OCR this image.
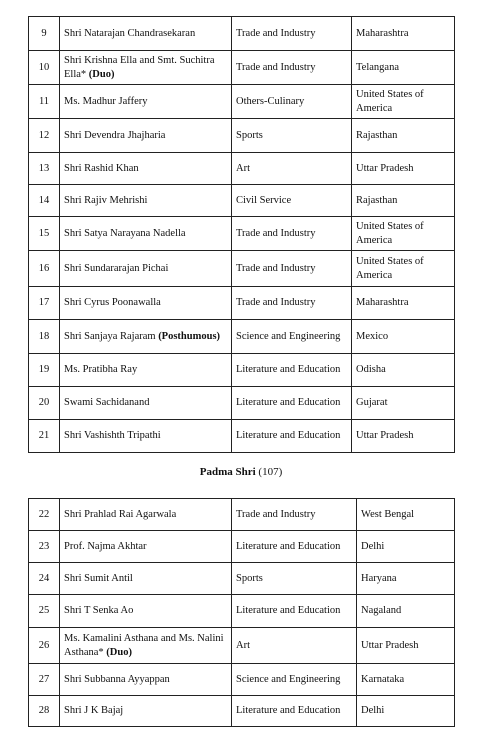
9	Shri Natarajan Chandrasekaran	Trade and Industry	Maharashtra
10	Shri Krishna Ella and Smt. Suchitra Ella* (Duo)	Trade and Industry	Telangana
11	Ms. Madhur Jaffery	Others-Culinary	United States of America
12	Shri Devendra Jhajharia	Sports	Rajasthan
13	Shri Rashid Khan	Art	Uttar Pradesh
14	Shri Rajiv Mehrishi	Civil Service	Rajasthan
15	Shri Satya Narayana Nadella	Trade and Industry	United States of America
16	Shri Sundararajan Pichai	Trade and Industry	United States of America
17	Shri Cyrus Poonawalla	Trade and Industry	Maharashtra
18	Shri Sanjaya Rajaram (Posthumous)	Science and Engineering	Mexico
19	Ms. Pratibha Ray	Literature and Education	Odisha
20	Swami Sachidanand	Literature and Education	Gujarat
21	Shri Vashishth Tripathi	Literature and Education	Uttar Pradesh
Padma Shri (107)
22	Shri Prahlad Rai Agarwala	Trade and Industry	West Bengal
23	Prof. Najma Akhtar	Literature and Education	Delhi
24	Shri Sumit Antil	Sports	Haryana
25	Shri T Senka Ao	Literature and Education	Nagaland
26	Ms. Kamalini Asthana and Ms. Nalini Asthana* (Duo)	Art	Uttar Pradesh
27	Shri Subbanna Ayyappan	Science and Engineering	Karnataka
28	Shri J K Bajaj	Literature and Education	Delhi
